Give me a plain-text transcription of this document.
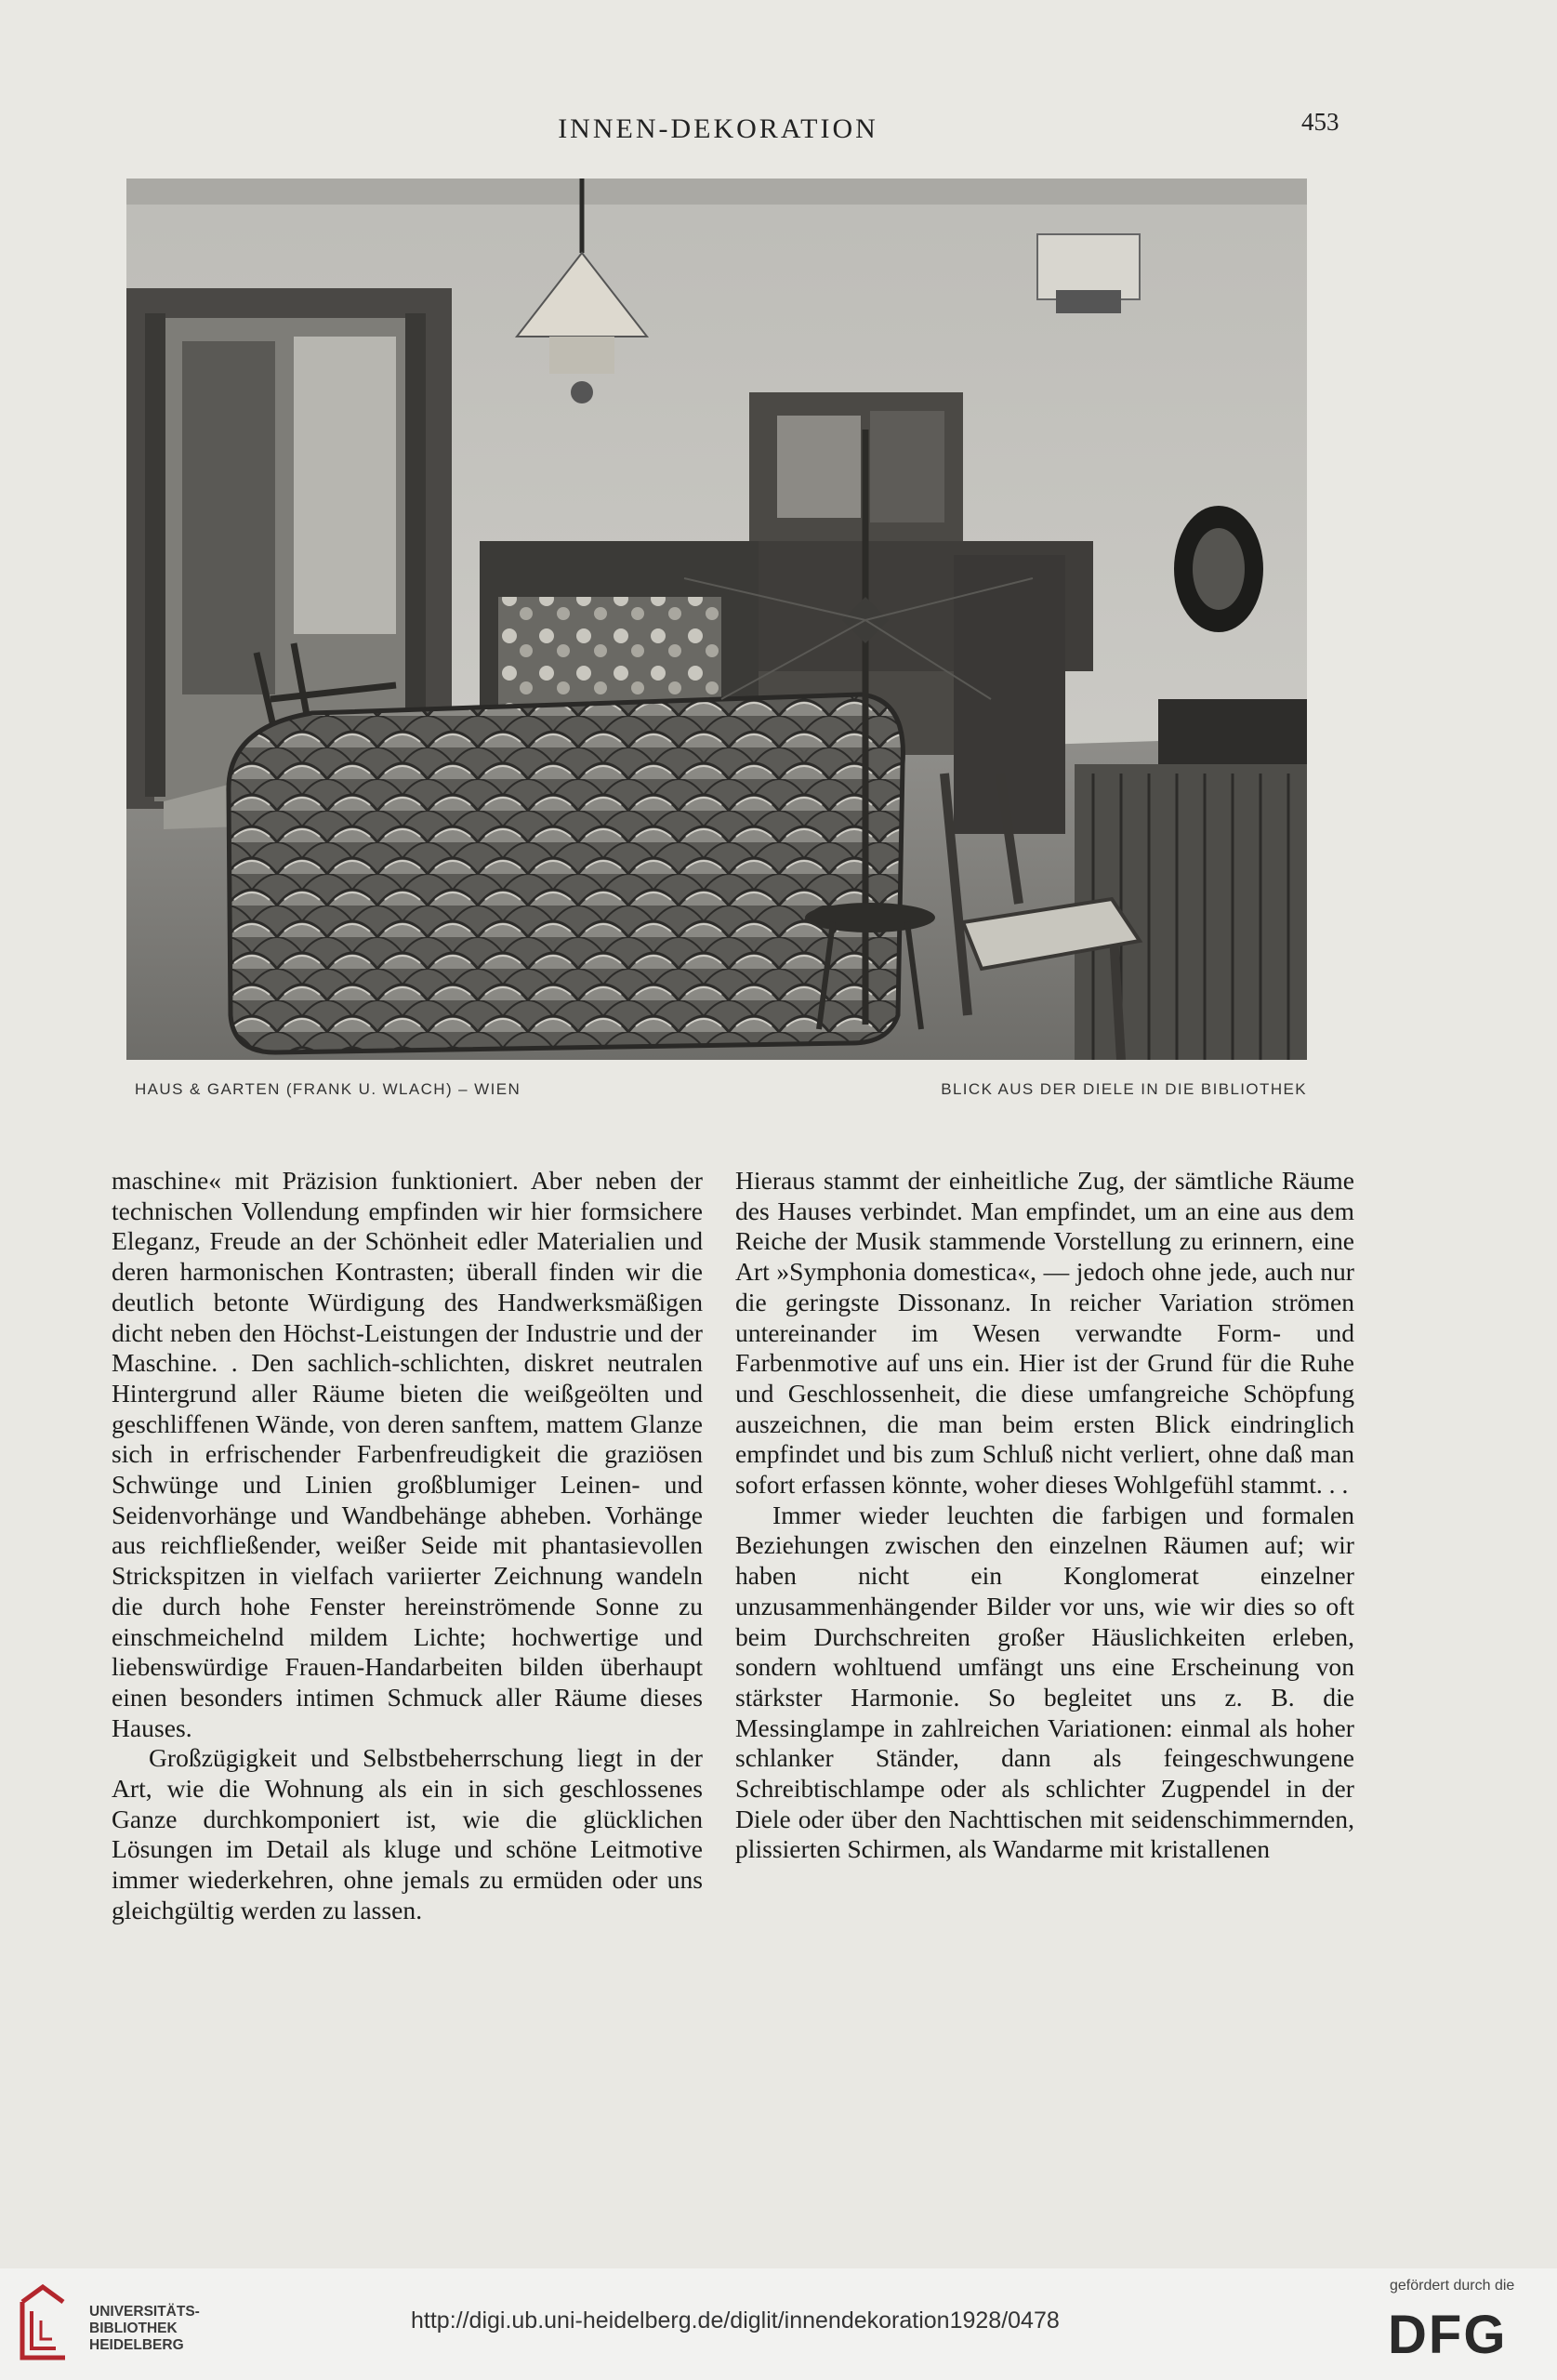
INNEN-DEKORATION	453
HAUS & GARTEN (FRANK U. WLACH) – WIEN	BLICK AUS DER DIELE IN DIE BIBLIOTHEK

maschine« mit Präzision funktioniert. Aber neben der technischen Vollendung empfinden wir hier formsichere Eleganz, Freude an der Schönheit edler Materialien und deren harmonischen Kontrasten; überall finden wir die deutlich betonte Würdigung des Handwerksmäßigen dicht neben den Höchst-Leistungen der Industrie und der Maschine. . Den sachlich-schlichten, diskret neutralen Hintergrund aller Räume bieten die weißgeölten und geschliffenen Wände, von deren sanftem, mattem Glanze sich in erfrischender Farbenfreudigkeit die graziösen Schwünge und Linien großblumiger Leinen- und Seidenvorhänge und Wandbehänge abheben. Vorhänge aus reichfließender, weißer Seide mit phantasievollen Strickspitzen in vielfach variierter Zeichnung wandeln die durch hohe Fenster hereinströmende Sonne zu einschmeichelnd mildem Lichte; hochwertige und liebenswürdige Frauen-Handarbeiten bilden überhaupt einen besonders intimen Schmuck aller Räume dieses Hauses.

Großzügigkeit und Selbstbeherrschung liegt in der Art, wie die Wohnung als ein in sich geschlossenes Ganze durchkomponiert ist, wie die glücklichen Lösungen im Detail als kluge und schöne Leitmotive immer wiederkehren, ohne jemals zu ermüden oder uns gleichgültig werden zu lassen.

Hieraus stammt der einheitliche Zug, der sämtliche Räume des Hauses verbindet. Man empfindet, um an eine aus dem Reiche der Musik stammende Vorstellung zu erinnern, eine Art »Symphonia domestica«, — jedoch ohne jede, auch nur die geringste Dissonanz. In reicher Variation strömen untereinander im Wesen verwandte Form- und Farbenmotive auf uns ein. Hier ist der Grund für die Ruhe und Geschlossenheit, die diese umfangreiche Schöpfung auszeichnen, die man beim ersten Blick eindringlich empfindet und bis zum Schluß nicht verliert, ohne daß man sofort erfassen könnte, woher dieses Wohlgefühl stammt. . .

Immer wieder leuchten die farbigen und formalen Beziehungen zwischen den einzelnen Räumen auf; wir haben nicht ein Konglomerat einzelner unzusammenhängender Bilder vor uns, wie wir dies so oft beim Durchschreiten großer Häuslichkeiten erleben, sondern wohltuend umfängt uns eine Erscheinung von stärkster Harmonie. So begleitet uns z. B. die Messinglampe in zahlreichen Variationen: einmal als hoher schlanker Ständer, dann als feingeschwungene Schreibtischlampe oder als schlichter Zugpendel in der Diele oder über den Nachttischen mit seidenschimmernden, plissierten Schirmen, als Wandarme mit kristallenen

UNIVERSITÄTS-
BIBLIOTHEK
HEIDELBERG
http://digi.ub.uni-heidelberg.de/diglit/innendekoration1928/0478
gefördert durch die
DFG
